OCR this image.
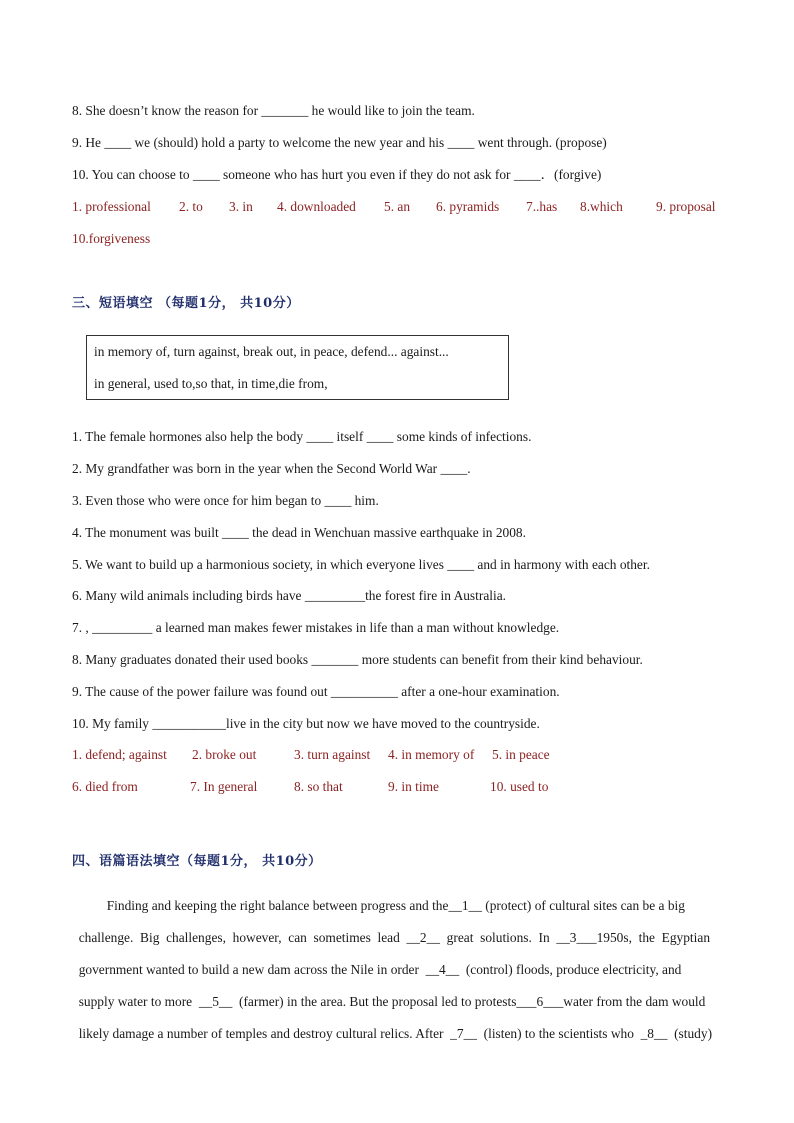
8. She doesn’t know the reason for _______ he would like to join the team.
9. He ____ we (should) hold a party to welcome the new year and his ____ went through. (propose)
10. You can choose to ____ someone who has hurt you even if they do not ask for ____．(forgive)
1. professional 2. to 3. in 4. downloaded 5. an 6. pyramids 7..has 8.which 9. proposal
10.forgiveness
三、短语填空 （每题1分， 共10分）
in memory of, turn against, break out, in peace, defend... against...
in general, used to,so that, in time,die from,
1. The female hormones also help the body ____ itself ____ some kinds of infections.
2. My grandfather was born in the year when the Second World War ____.
3. Even those who were once for him began to ____ him.
4. The monument was built ____ the dead in Wenchuan massive earthquake in 2008.
5. We want to build up a harmonious society, in which everyone lives ____ and in harmony with each other.
6. Many wild animals including birds have _________the forest fire in Australia.
7. , _________ a learned man makes fewer mistakes in life than a man without knowledge.
8. Many graduates donated their used books _______ more students can benefit from their kind behaviour.
9. The cause of the power failure was found out __________ after a one-hour examination.
10. My family ___________live in the city but now we have moved to the countryside.
1. defend; against 2. broke out	3. turn against 4. in memory of 5. in peace
6. died from	7. In general	8. so that	9. in time	10. used to
四、语篇语法填空（每题1分， 共10分）

Finding and keeping the right balance between progress and the__1__ (protect) of cultural sites can be a big

challenge.  Big  challenges,  however,  can  sometimes  lead  __2__  great  solutions.  In  __3___1950s,  the  Egyptian

government wanted to build a new dam across the Nile in order  __4__  (control) floods, produce electricity, and

supply water to more  __5__  (farmer) in the area. But the proposal led to protests___6___water from the dam would

likely damage a number of temples and destroy cultural relics. After  _7__  (listen) to the scientists who  _8__  (study)
